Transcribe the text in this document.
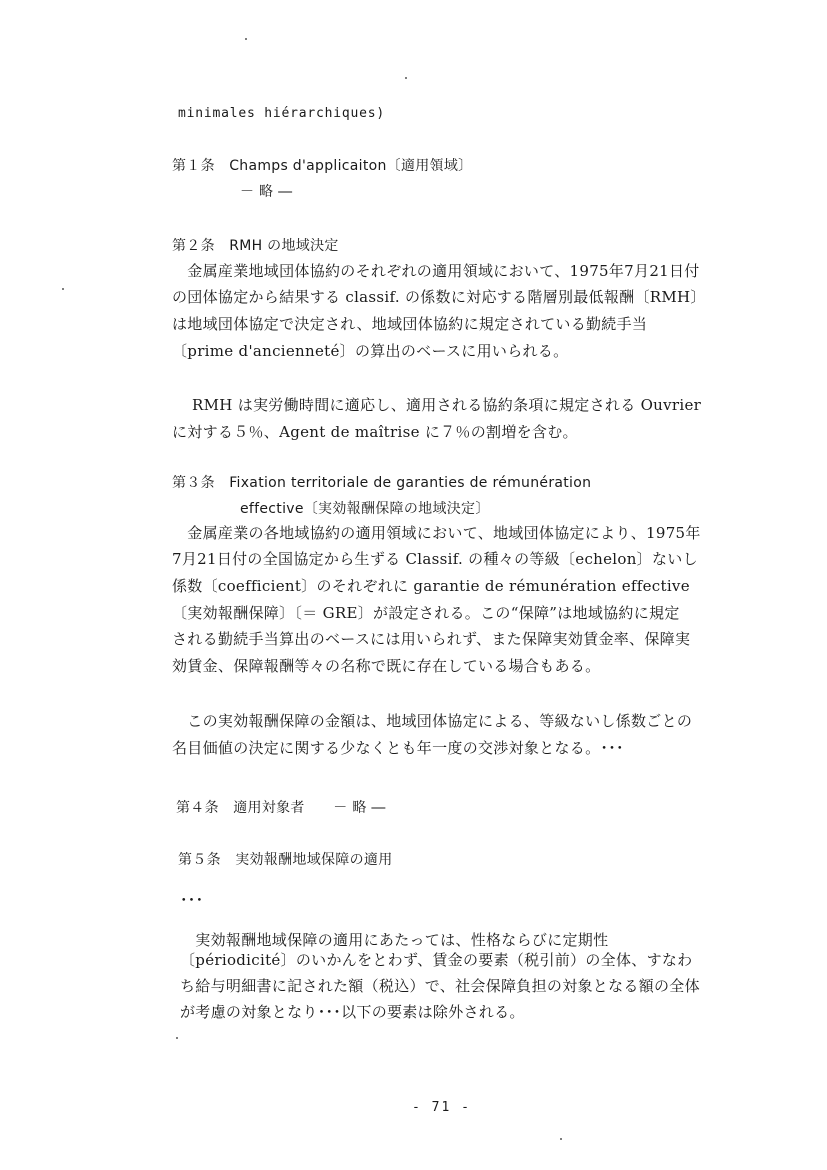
minimales hiérarchiques)
第１条　Champs d'applicaiton〔適用領域〕
－ 略 ―
第２条　RMH の地域決定
　金属産業地域団体協約のそれぞれの適用領域において、1975年7月21日付
の団体協定から結果する classif. の係数に対応する階層別最低報酬〔RMH〕
は地域団体協定で決定され、地域団体協約に規定されている勤続手当
〔prime d'ancienneté〕の算出のベースに用いられる。
RMH は実労働時間に適応し、適用される協約条項に規定される Ouvrier
に対する５％、Agent de maîtrise に７％の割増を含む。
第３条　Fixation territoriale de garanties de rémunération
effective〔実効報酬保障の地域決定〕
　金属産業の各地域協約の適用領域において、地域団体協定により、1975年
7月21日付の全国協定から生ずる Classif. の種々の等級〔echelon〕ないし
係数〔coefficient〕のそれぞれに garantie de rémunération effective
〔実効報酬保障〕〔＝ GRE〕が設定される。この“保障”は地域協約に規定
される勤続手当算出のベースには用いられず、また保障実効賃金率、保障実
効賃金、保障報酬等々の名称で既に存在している場合もある。
　この実効報酬保障の金額は、地域団体協定による、等級ないし係数ごとの
名目価値の決定に関する少なくとも年一度の交渉対象となる。･･･
第４条　適用対象者　　－ 略 ―
第５条　実効報酬地域保障の適用
･･･
　実効報酬地域保障の適用にあたっては、性格ならびに定期性
〔périodicité〕のいかんをとわず、賃金の要素（税引前）の全体、すなわ
ち給与明細書に記された額（税込）で、社会保障負担の対象となる額の全体
が考慮の対象となり･･･以下の要素は除外される。
- 71 -
